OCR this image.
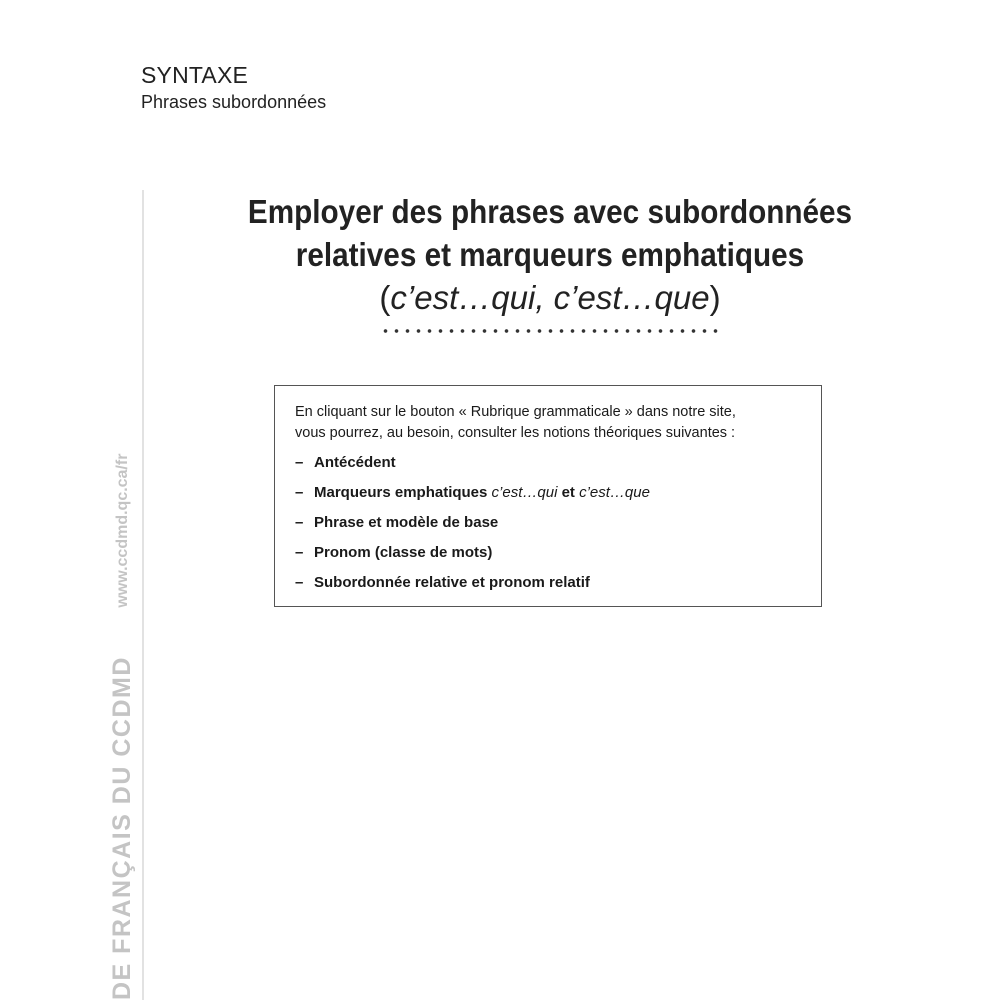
SYNTAXE
Phrases subordonnées
DE FRANÇAIS DU CCDMD www.ccdmd.qc.ca/fr
Employer des phrases avec subordonnées
relatives et marqueurs emphatiques
(c’est…qui, c’est…que)
En cliquant sur le bouton « Rubrique grammaticale » dans notre site,
vous pourrez, au besoin, consulter les notions théoriques suivantes :
– Antécédent
– Marqueurs emphatiques c’est…qui et c’est…que
– Phrase et modèle de base
– Pronom (classe de mots)
– Subordonnée relative et pronom relatif
